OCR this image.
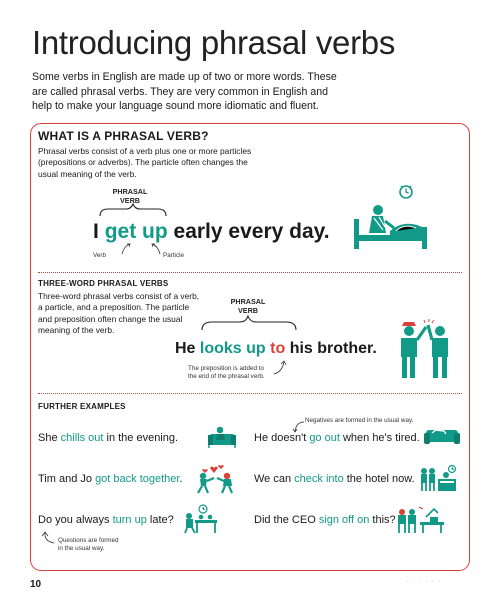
Introducing phrasal verbs
Some verbs in English are made up of two or more words. These are called phrasal verbs. They are very common in English and help to make your language sound more idiomatic and fluent.
WHAT IS A PHRASAL VERB?
Phrasal verbs consist of a verb plus one or more particles (prepositions or adverbs). The particle often changes the usual meaning of the verb.
PHRASAL
VERB
I get up early every day.
Verb	Particle
THREE-WORD PHRASAL VERBS
Three-word phrasal verbs consist of a verb, a particle, and a preposition. The particle and preposition often change the usual meaning of the verb.
PHRASAL
VERB
He looks up to his brother.
The preposition is added to
the end of the phrasal verb.
FURTHER EXAMPLES
She chills out in the evening.	He doesn't go out when he's tired.
Tim and Jo got back together.	We can check into the hotel now.
Do you always turn up late?	Did the CEO sign off on this?
Negatives are formed in the usual way.
Questions are formed
in the usual way.
10	······
